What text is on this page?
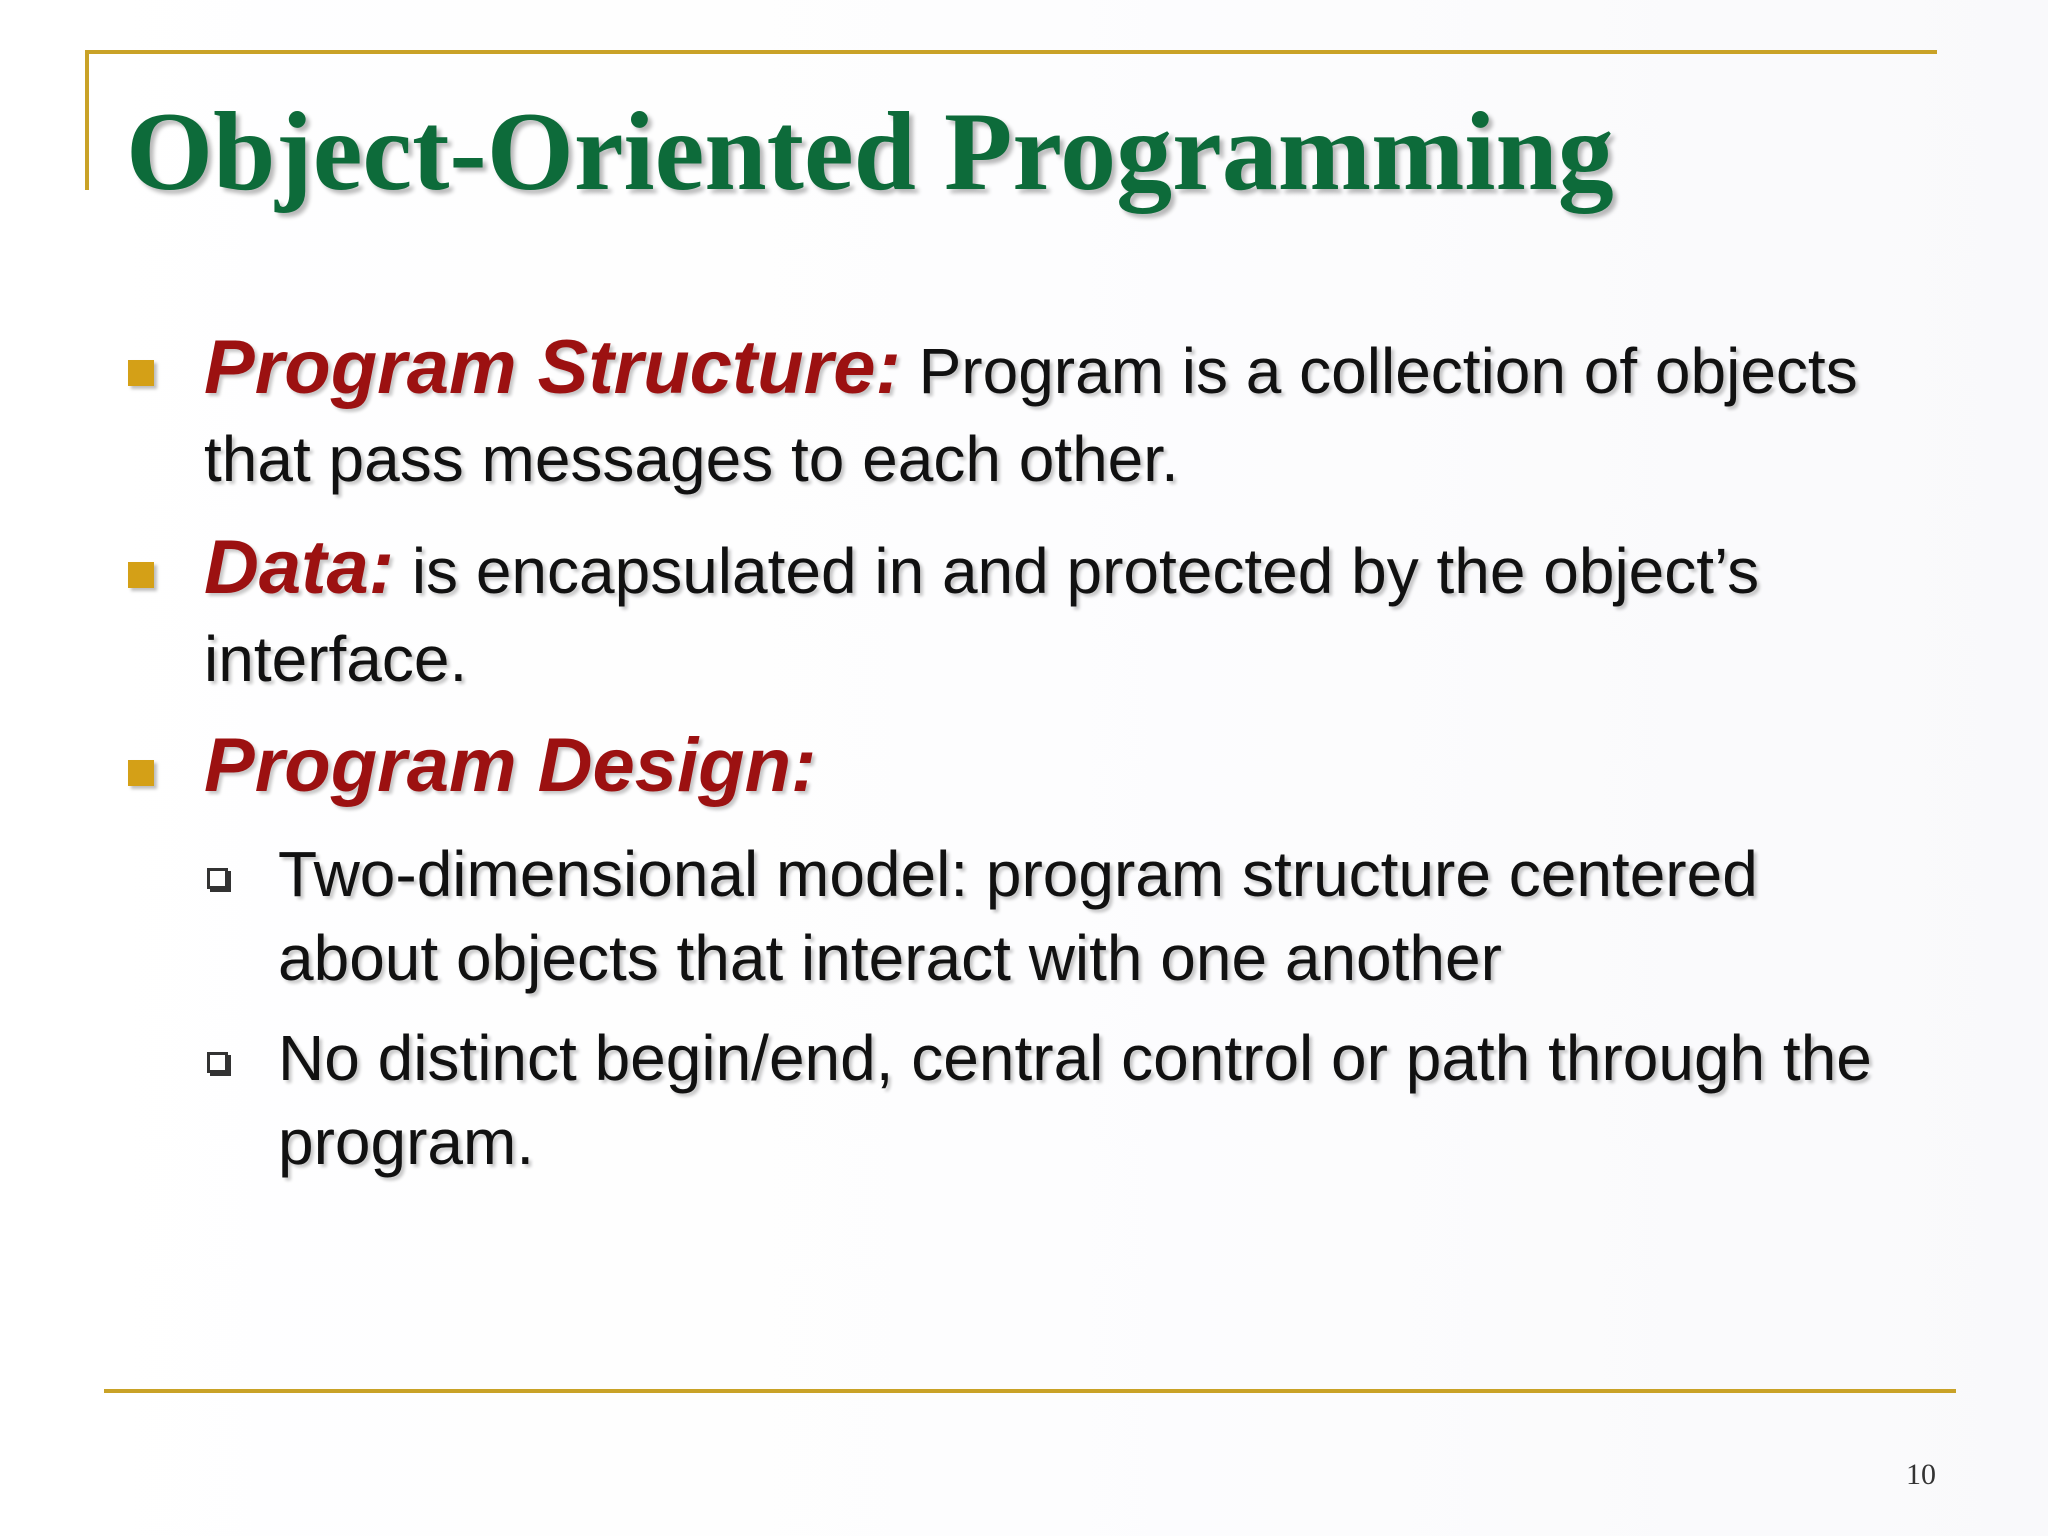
Object-Oriented Programming
Program Structure: Program is a collection of objects that pass messages to each other.
Data: is encapsulated in and protected by the object’s interface.
Program Design:
Two-dimensional model: program structure centered about objects that interact with one another
No distinct begin/end, central control or path through the program.
10
